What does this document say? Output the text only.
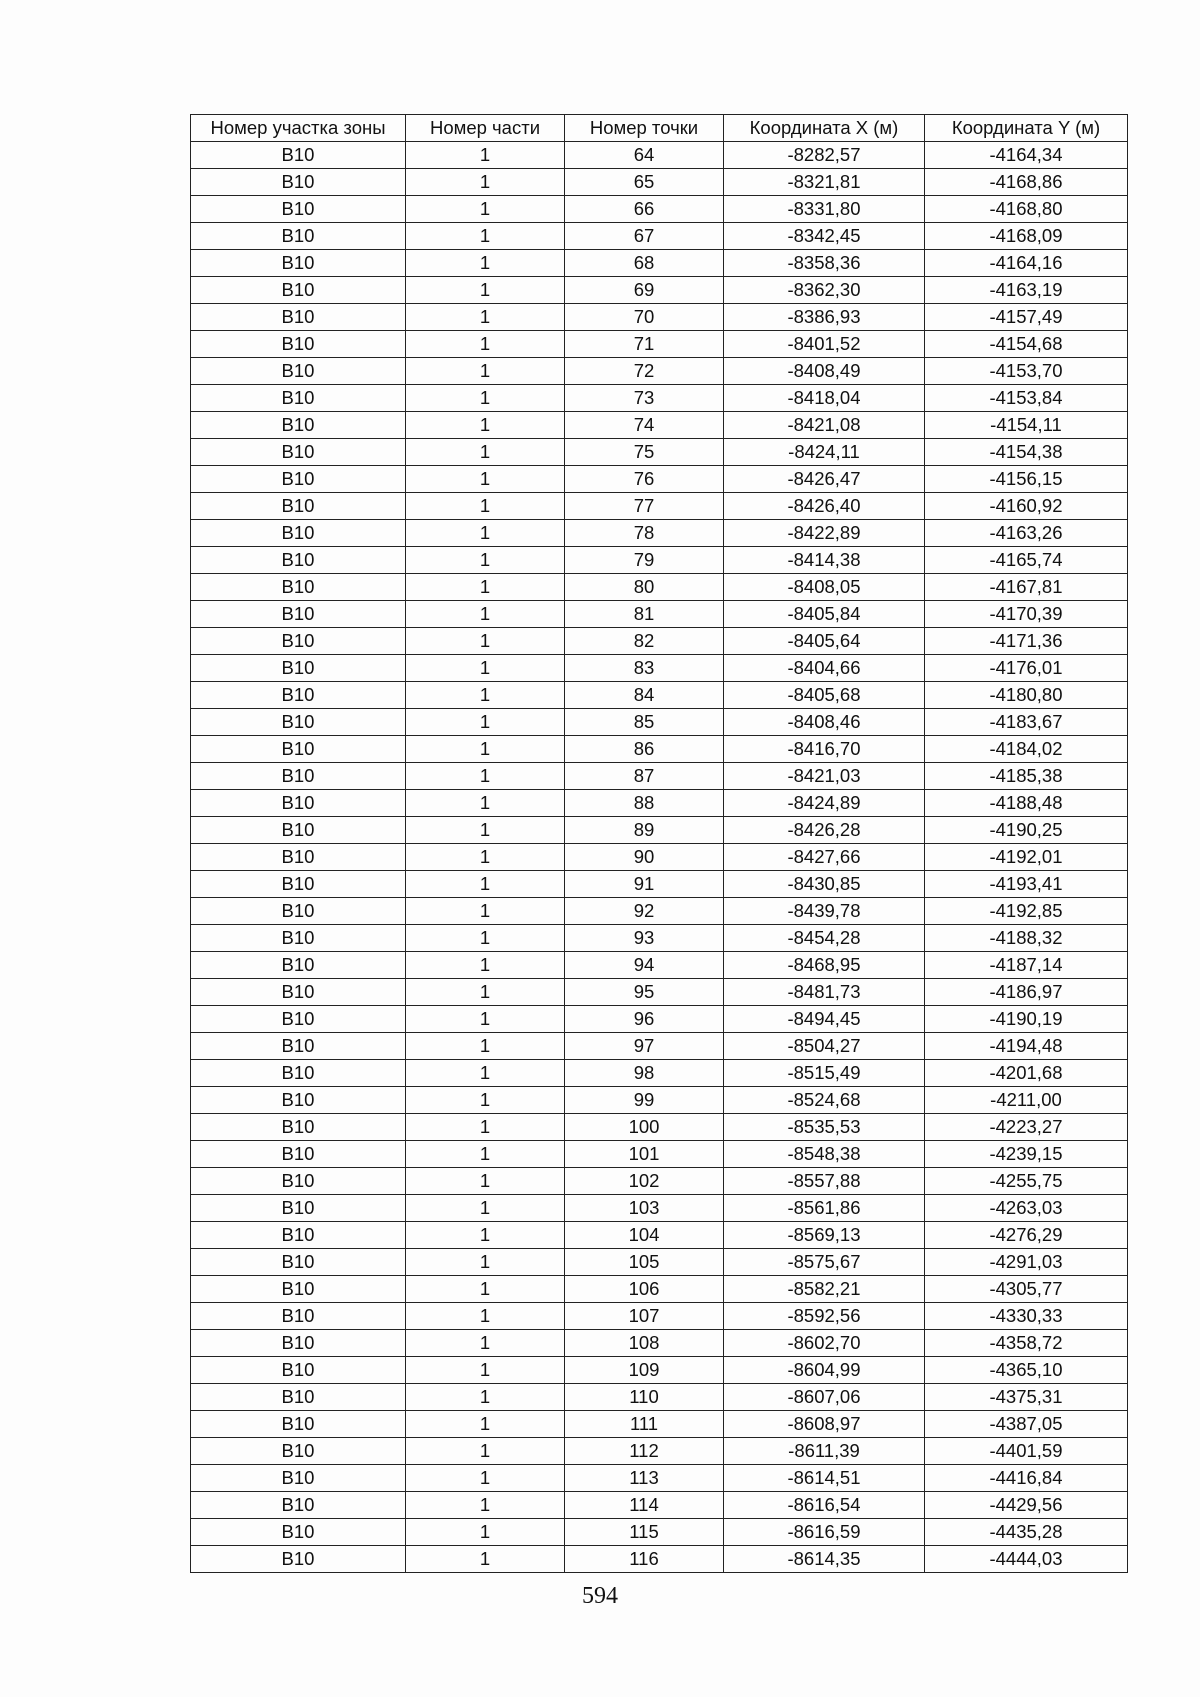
Номер участка зоны	Номер части	Номер точки	Координата X (м)	Координата Y (м)
B10	1	64	-8282,57	-4164,34
B10	1	65	-8321,81	-4168,86
B10	1	66	-8331,80	-4168,80
B10	1	67	-8342,45	-4168,09
B10	1	68	-8358,36	-4164,16
B10	1	69	-8362,30	-4163,19
B10	1	70	-8386,93	-4157,49
B10	1	71	-8401,52	-4154,68
B10	1	72	-8408,49	-4153,70
B10	1	73	-8418,04	-4153,84
B10	1	74	-8421,08	-4154,11
B10	1	75	-8424,11	-4154,38
B10	1	76	-8426,47	-4156,15
B10	1	77	-8426,40	-4160,92
B10	1	78	-8422,89	-4163,26
B10	1	79	-8414,38	-4165,74
B10	1	80	-8408,05	-4167,81
B10	1	81	-8405,84	-4170,39
B10	1	82	-8405,64	-4171,36
B10	1	83	-8404,66	-4176,01
B10	1	84	-8405,68	-4180,80
B10	1	85	-8408,46	-4183,67
B10	1	86	-8416,70	-4184,02
B10	1	87	-8421,03	-4185,38
B10	1	88	-8424,89	-4188,48
B10	1	89	-8426,28	-4190,25
B10	1	90	-8427,66	-4192,01
B10	1	91	-8430,85	-4193,41
B10	1	92	-8439,78	-4192,85
B10	1	93	-8454,28	-4188,32
B10	1	94	-8468,95	-4187,14
B10	1	95	-8481,73	-4186,97
B10	1	96	-8494,45	-4190,19
B10	1	97	-8504,27	-4194,48
B10	1	98	-8515,49	-4201,68
B10	1	99	-8524,68	-4211,00
B10	1	100	-8535,53	-4223,27
B10	1	101	-8548,38	-4239,15
B10	1	102	-8557,88	-4255,75
B10	1	103	-8561,86	-4263,03
B10	1	104	-8569,13	-4276,29
B10	1	105	-8575,67	-4291,03
B10	1	106	-8582,21	-4305,77
B10	1	107	-8592,56	-4330,33
B10	1	108	-8602,70	-4358,72
B10	1	109	-8604,99	-4365,10
B10	1	110	-8607,06	-4375,31
B10	1	111	-8608,97	-4387,05
B10	1	112	-8611,39	-4401,59
B10	1	113	-8614,51	-4416,84
B10	1	114	-8616,54	-4429,56
B10	1	115	-8616,59	-4435,28
B10	1	116	-8614,35	-4444,03
594
